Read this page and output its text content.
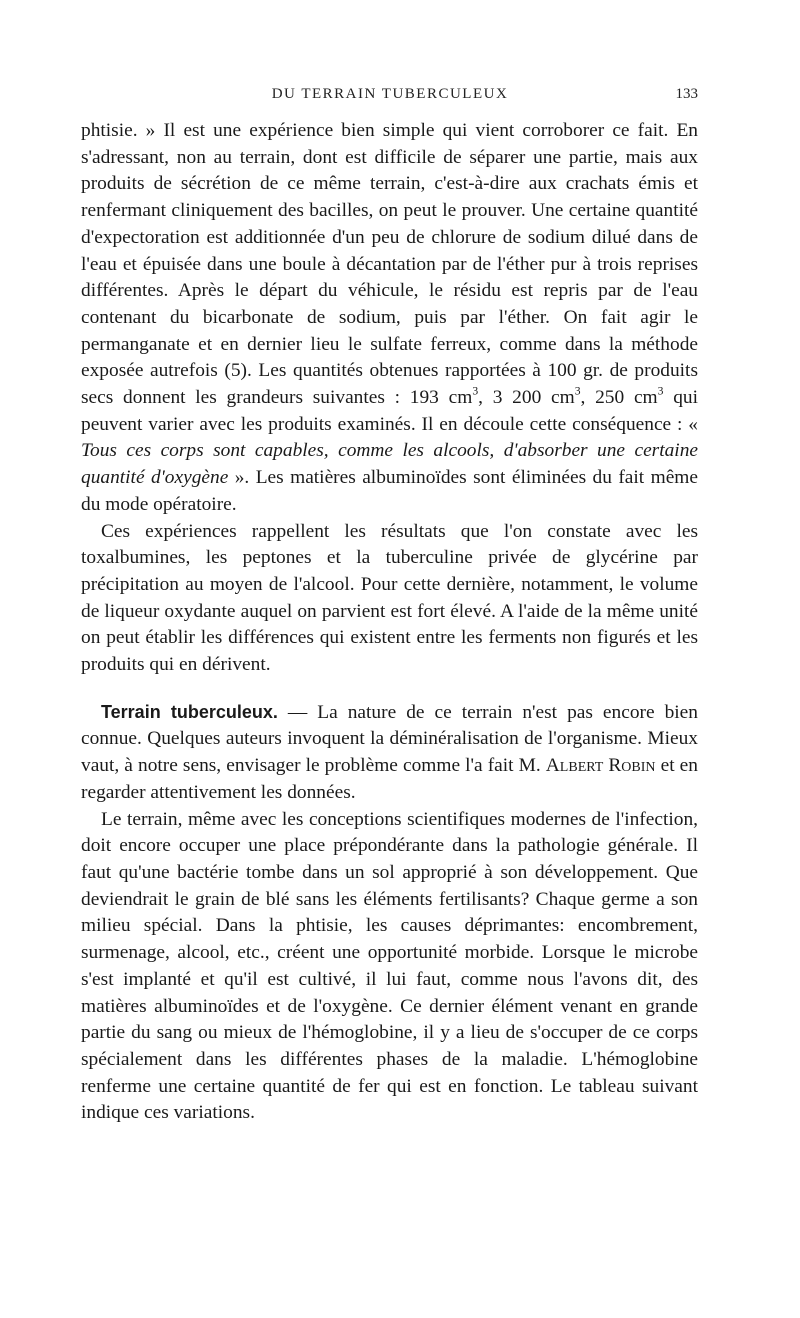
DU TERRAIN TUBERCULEUX	133

phtisie. » Il est une expérience bien simple qui vient corroborer ce fait. En s'adressant, non au terrain, dont est difficile de séparer une partie, mais aux produits de sécrétion de ce même terrain, c'est-à-dire aux crachats émis et renfermant cliniquement des bacilles, on peut le prouver. Une certaine quantité d'expectoration est additionnée d'un peu de chlorure de sodium dilué dans de l'eau et épuisée dans une boule à décantation par de l'éther pur à trois reprises différentes. Après le départ du véhicule, le résidu est repris par de l'eau contenant du bicarbonate de sodium, puis par l'éther. On fait agir le permanganate et en dernier lieu le sulfate ferreux, comme dans la méthode exposée autrefois (5). Les quantités obtenues rapportées à 100 gr. de produits secs donnent les grandeurs suivantes : 193 $cm^3$, 3 200 $cm^3$, 250 $cm^3$ qui peuvent varier avec les produits examinés. Il en découle cette conséquence : « Tous ces corps sont capables, comme les alcools, d'absorber une certaine quantité d'oxygène ». Les matières albuminoïdes sont éliminées du fait même du mode opératoire.

Ces expériences rappellent les résultats que l'on constate avec les toxalbumines, les peptones et la tuberculine privée de glycérine par précipitation au moyen de l'alcool. Pour cette dernière, notamment, le volume de liqueur oxydante auquel on parvient est fort élevé. A l'aide de la même unité on peut établir les différences qui existent entre les ferments non figurés et les produits qui en dérivent.

Terrain tuberculeux. — La nature de ce terrain n'est pas encore bien connue. Quelques auteurs invoquent la déminéralisation de l'organisme. Mieux vaut, à notre sens, envisager le problème comme l'a fait M. Albert Robin et en regarder attentivement les données.

Le terrain, même avec les conceptions scientifiques modernes de l'infection, doit encore occuper une place prépondérante dans la pathologie générale. Il faut qu'une bactérie tombe dans un sol approprié à son développement. Que deviendrait le grain de blé sans les éléments fertilisants? Chaque germe a son milieu spécial. Dans la phtisie, les causes déprimantes: encombrement, surmenage, alcool, etc., créent une opportunité morbide. Lorsque le microbe s'est implanté et qu'il est cultivé, il lui faut, comme nous l'avons dit, des matières albuminoïdes et de l'oxygène. Ce dernier élément venant en grande partie du sang ou mieux de l'hémoglobine, il y a lieu de s'occuper de ce corps spécialement dans les différentes phases de la maladie. L'hémoglobine renferme une certaine quantité de fer qui est en fonction. Le tableau suivant indique ces variations.
